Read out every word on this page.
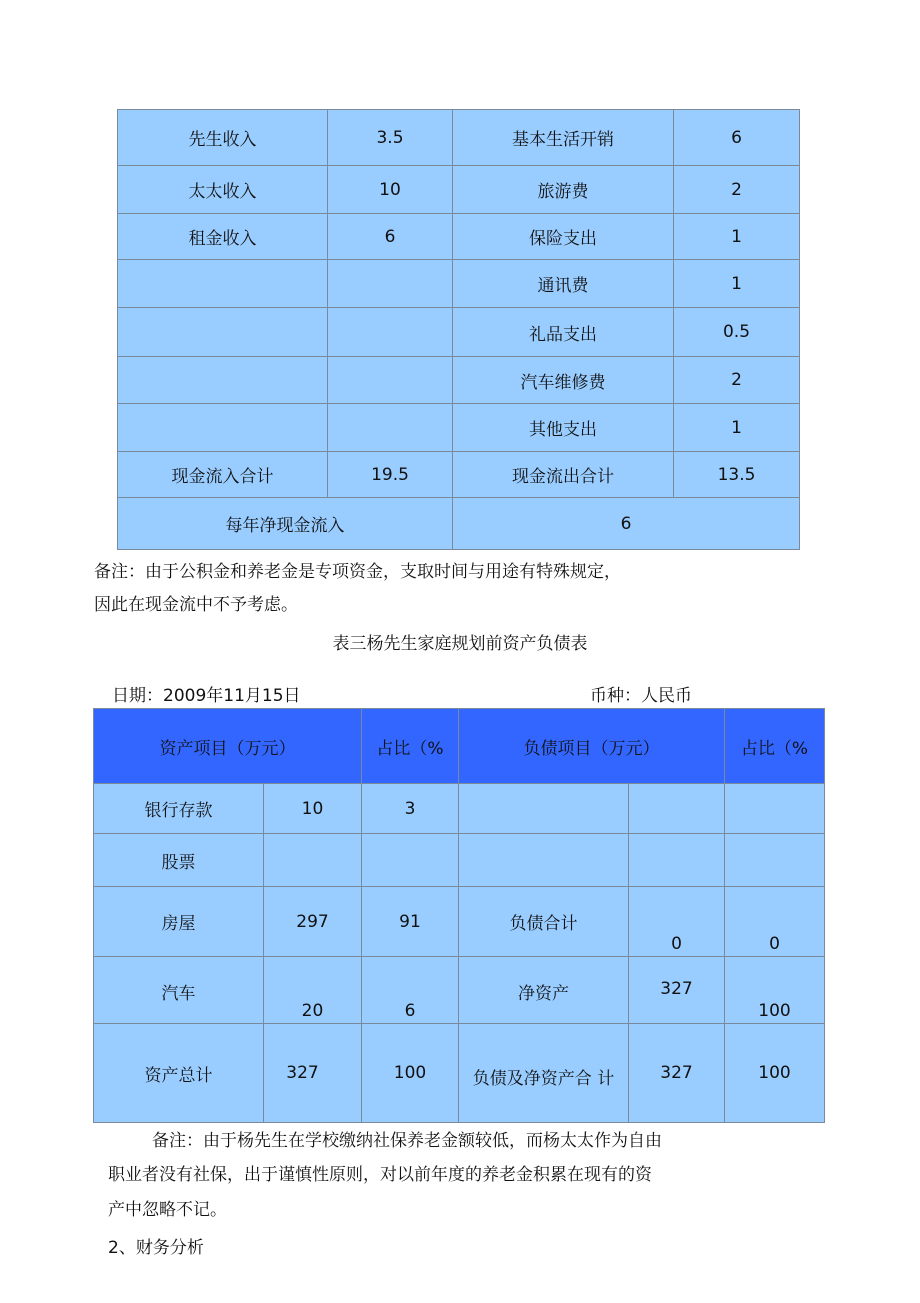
先生收入	3.5	基本生活开销	6
太太收入	10	旅游费	2
租金收入	6	保险支出	1
		通讯费	1
		礼品支出	0.5
		汽车维修费	2
		其他支出	1
现金流入合计	19.5	现金流出合计	13.5
每年净现金流入		6	
备注：由于公积金和养老金是专项资金，支取时间与用途有特殊规定，
因此在现金流中不予考虑。
表三杨先生家庭规划前资产负债表
日期：2009年11月15日	币种：人民币
资产项目（万元）		占比（%	负债项目（万元）		占比（%
银行存款	10	3			
股票					
房屋	297	91	负债合计	0	0
汽车	20	6	净资产	327	100
资产总计	327	100	负债及净资产合 计	327	100
备注：由于杨先生在学校缴纳社保养老金额较低，而杨太太作为自由
职业者没有社保，出于谨慎性原则，对以前年度的养老金积累在现有的资
产中忽略不记。
2、财务分析
